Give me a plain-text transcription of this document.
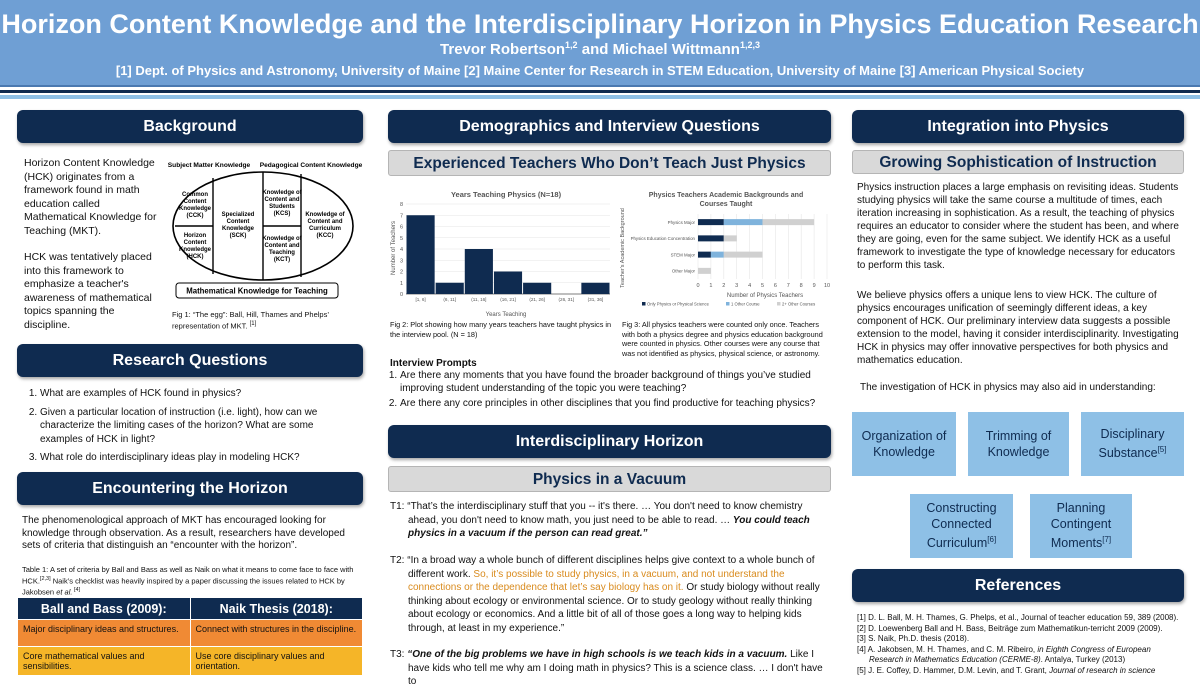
Horizon Content Knowledge and the Interdisciplinary Horizon in Physics Education Research
Trevor Robertson$^{1,2}$ and Michael Wittmann$^{1,2,3}$
[1] Dept. of Physics and Astronomy, University of Maine [2] Maine Center for Research in STEM Education, University of Maine [3] American Physical Society
Background
Horizon Content Knowledge (HCK) originates from a framework found in math education called Mathematical Knowledge for Teaching (MKT).
HCK was tentatively placed into this framework to emphasize a teacher's awareness of mathematical topics spanning the discipline.
Subject Matter Knowledge Pedagogical Content Knowledge
Common Content Knowledge (CCK)
Horizon Content Knowledge (HCK)
Specialized Content Knowledge (SCK)
Knowledge of Content and Students (KCS)
Knowledge of Content and Teaching (KCT)
Knowledge of Content and Curriculum (KCC)
Mathematical Knowledge for Teaching
Fig 1: “The egg”: Ball, Hill, Thames and Phelps’ representation of MKT. [1]
Research Questions
1. What are examples of HCK found in physics?
2. Given a particular location of instruction (i.e. light), how can we characterize the limiting cases of the horizon? What are some examples of HCK in light?
3. What role do interdisciplinary ideas play in modeling HCK?
Encountering the Horizon
The phenomenological approach of MKT has encouraged looking for knowledge through observation. As a result, researchers have developed sets of criteria that distinguish an “encounter with the horizon”.
Table 1: A set of criteria by Ball and Bass as well as Naik on what it means to come face to face with HCK.[2,3] Naik’s checklist was heavily inspired by a paper discussing the issues related to HCK by Jakobsen et al. [4]
Ball and Bass (2009):	Naik Thesis (2018):
Major disciplinary ideas and structures.	Connect with structures in the discipline.
Core mathematical values and sensibilities.	Use core disciplinary values and orientation.
Demographics and Interview Questions
Experienced Teachers Who Don’t Teach Just Physics
Years Teaching Physics (N=18)
Years Teaching
Number of Teachers
0
1
2
3
4
5
6
7
8
[1, 6]	(6, 11]	(11, 16]	(16, 21]	(21, 26]	(26, 31]	(31, 36]
Fig 2: Plot showing how many years teachers have taught physics in the interview pool. (N = 18)
Physics Teachers Academic Backgrounds and Courses Taught
Teacher's Academic Background
Number of Physics Teachers
0 1 2 3 4 5 6 7 8 9 10
Physics Major
Physics Education Concentration
STEM Major
Other Major
Only Physics or Physical Science	1 Other Course	2+ Other Courses
Fig 3: All physics teachers were counted only once. Teachers with both a physics degree and physics education background were counted in physics. Other courses were any course that was not identified as physics, physical science, or astronomy.
Interview Prompts
1. Are there any moments that you have found the broader background of things you’ve studied improving student understanding of the topic you were teaching?
2. Are there any core principles in other disciplines that you find productive for teaching physics?
Interdisciplinary Horizon
Physics in a Vacuum
T1: “That’s the interdisciplinary stuff that you -- it's there. … You don't need to know chemistry ahead, you don't need to know math, you just need to be able to read. … You could teach physics in a vacuum if the person can read great.”
T2: “In a broad way a whole bunch of different disciplines helps give context to a whole bunch of different work. So, it’s possible to study physics, in a vacuum, and not understand the connections or the dependence that let’s say biology has on it. Or study biology without really thinking about ecology or environmental science. Or to study geology without really thinking about ecology or economics. And a little bit of all of those goes a long way to helping kids through, at least in my experience.”
T3: “One of the big problems we have in high schools is we teach kids in a vacuum. Like I have kids who tell me why am I doing math in physics? This is a science class. … I don't have to
Integration into Physics
Growing Sophistication of Instruction
Physics instruction places a large emphasis on revisiting ideas. Students studying physics will take the same course a multitude of times, each iteration increasing in sophistication. As a result, the teaching of physics requires an educator to consider where the student has been, and where they are going, even for the same subject. We identify HCK as a useful framework to investigate the type of knowledge necessary for educators to perform this task.
We believe physics offers a unique lens to view HCK. The culture of physics encourages unification of seemingly different ideas, a key component of HCK. Our preliminary interview data suggests a possible extension to the model, having it consider interdisciplinarity. Investigating HCK in physics may offer innovative perspectives for both physics and mathematics education.
The investigation of HCK in physics may also aid in understanding:
Organization of Knowledge
Trimming of Knowledge
Disciplinary Substance[5]
Constructing Connected Curriculum[6]
Planning Contingent Moments[7]
References
[1] D. L. Ball, M. H. Thames, G. Phelps, et al., Journal of teacher education 59, 389 (2008).
[2] D. Loewenberg Ball and H. Bass, Beiträge zum Mathematikun-terricht 2009 (2009).
[3] S. Naik, Ph.D. thesis (2018).
[4] A. Jakobsen, M. H. Thames, and C. M. Ribeiro, in Eighth Congress of European Research in Mathematics Education (CERME-8). Antalya, Turkey (2013)
[5] J. E. Coffey, D. Hammer, D.M. Levin, and T. Grant, Journal of research in science
